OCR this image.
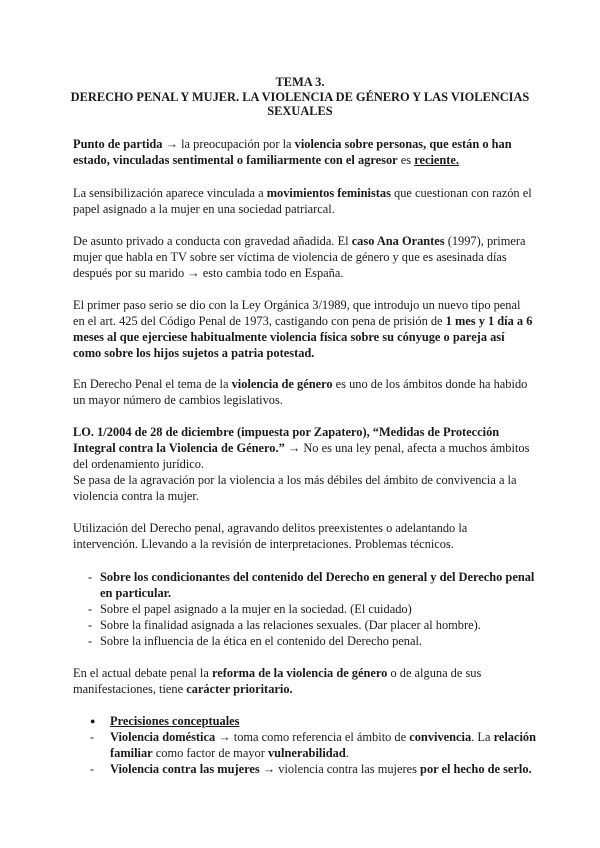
TEMA 3.
DERECHO PENAL Y MUJER. LA VIOLENCIA DE GÉNERO Y LAS VIOLENCIAS
SEXUALES

Punto de partida → la preocupación por la violencia sobre personas, que están o han estado, vinculadas sentimental o familiarmente con el agresor es reciente.

La sensibilización aparece vinculada a movimientos feministas que cuestionan con razón el papel asignado a la mujer en una sociedad patriarcal.

De asunto privado a conducta con gravedad añadida. El caso Ana Orantes (1997), primera mujer que habla en TV sobre ser víctima de violencia de género y que es asesinada días después por su marido → esto cambia todo en España.

El primer paso serio se dio con la Ley Orgánica 3/1989, que introdujo un nuevo tipo penal en el art. 425 del Código Penal de 1973, castigando con pena de prisión de 1 mes y 1 día a 6 meses al que ejerciese habitualmente violencia física sobre su cónyuge o pareja así como sobre los hijos sujetos a patria potestad.

En Derecho Penal el tema de la violencia de género es uno de los ámbitos donde ha habido un mayor número de cambios legislativos.

LO. 1/2004 de 28 de diciembre (impuesta por Zapatero), “Medidas de Protección Integral contra la Violencia de Género.” → No es una ley penal, afecta a muchos ámbitos del ordenamiento jurídico.
Se pasa de la agravación por la violencia a los más débiles del ámbito de convivencia a la violencia contra la mujer.

Utilización del Derecho penal, agravando delitos preexistentes o adelantando la intervención. Llevando a la revisión de interpretaciones. Problemas técnicos.

- Sobre los condicionantes del contenido del Derecho en general y del Derecho penal en particular.
- Sobre el papel asignado a la mujer en la sociedad. (El cuidado)
- Sobre la finalidad asignada a las relaciones sexuales. (Dar placer al hombre).
- Sobre la influencia de la ética en el contenido del Derecho penal.

En el actual debate penal la reforma de la violencia de género o de alguna de sus manifestaciones, tiene carácter prioritario.

● Precisiones conceptuales
- Violencia doméstica → toma como referencia el ámbito de convivencia. La relación familiar como factor de mayor vulnerabilidad.
- Violencia contra las mujeres → violencia contra las mujeres por el hecho de serlo.
